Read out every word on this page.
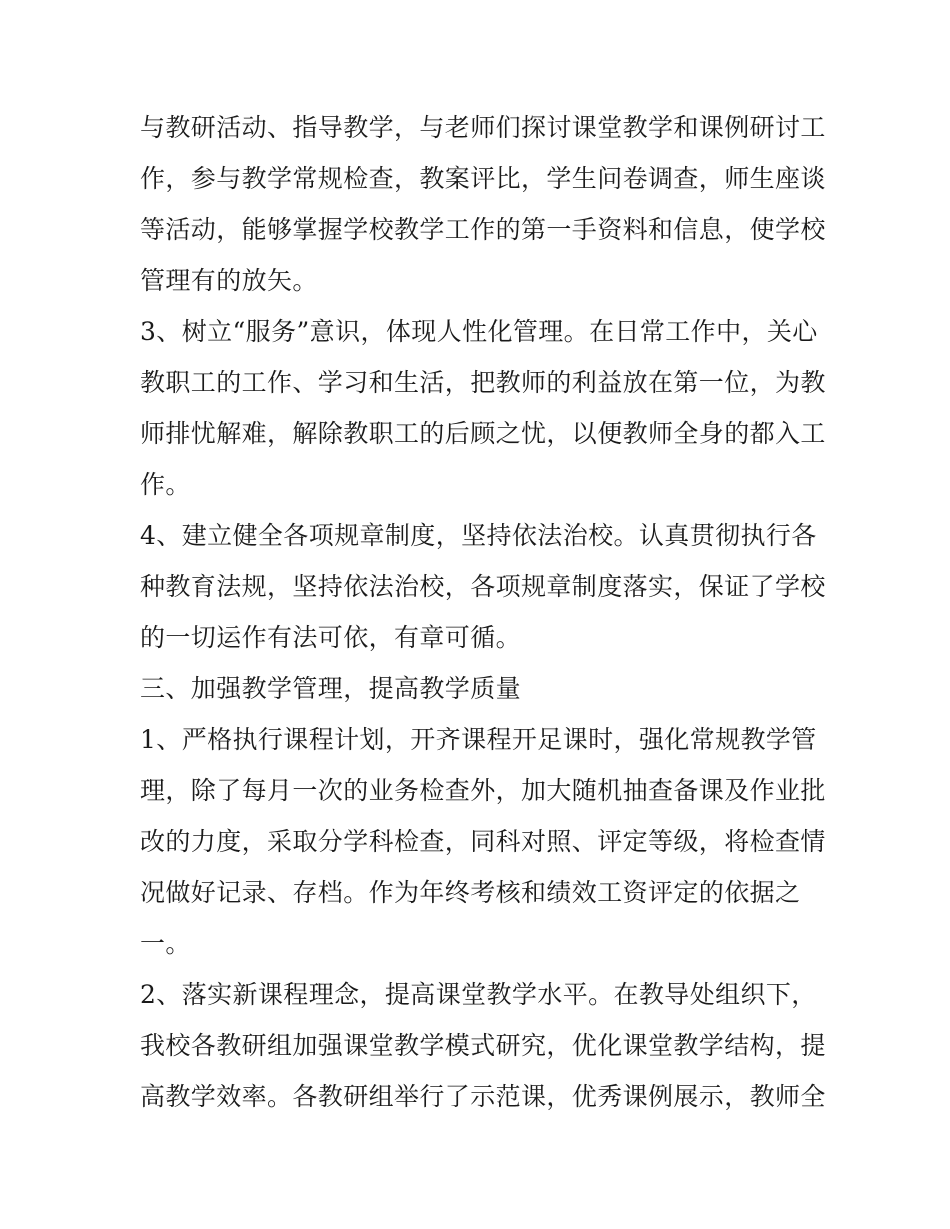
与教研活动、指导教学，与老师们探讨课堂教学和课例研讨工
作，参与教学常规检查，教案评比，学生问卷调查，师生座谈
等活动，能够掌握学校教学工作的第一手资料和信息，使学校
管理有的放矢。
3、树立“服务”意识，体现人性化管理。在日常工作中，关心
教职工的工作、学习和生活，把教师的利益放在第一位，为教
师排忧解难，解除教职工的后顾之忧，以便教师全身的都入工
作。
4、建立健全各项规章制度，坚持依法治校。认真贯彻执行各
种教育法规，坚持依法治校，各项规章制度落实，保证了学校
的一切运作有法可依，有章可循。
三、加强教学管理，提高教学质量
1、严格执行课程计划，开齐课程开足课时，强化常规教学管
理，除了每月一次的业务检查外，加大随机抽查备课及作业批
改的力度，采取分学科检查，同科对照、评定等级，将检查情
况做好记录、存档。作为年终考核和绩效工资评定的依据之
一。
2、落实新课程理念，提高课堂教学水平。在教导处组织下，
我校各教研组加强课堂教学模式研究，优化课堂教学结构，提
高教学效率。各教研组举行了示范课，优秀课例展示，教师全
